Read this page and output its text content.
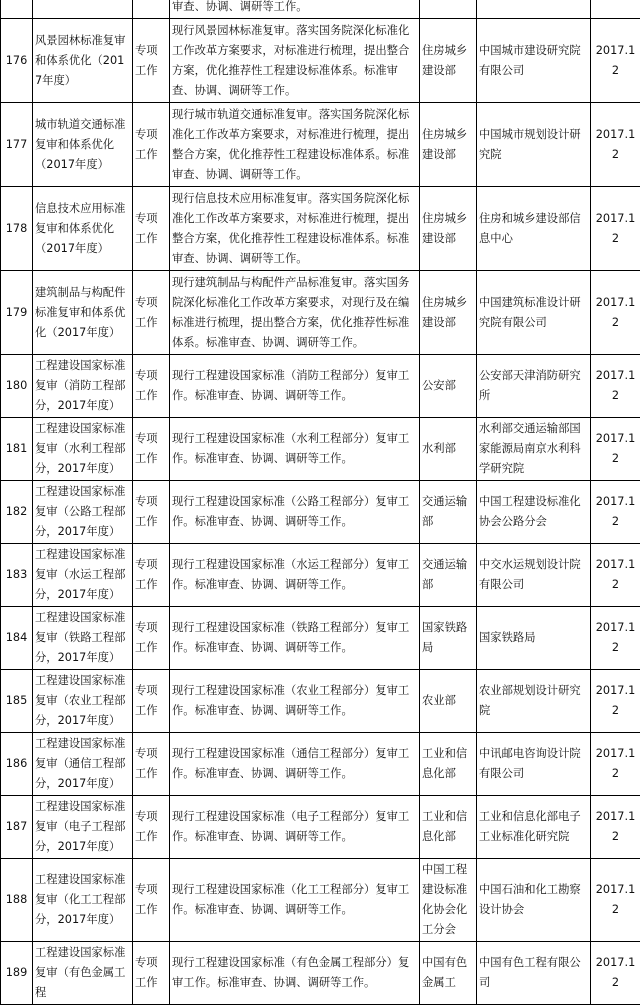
			审查、协调、调研等工作。			
176	风景园林标准复审和体系优化（2017年度）	专项工作	现行风景园林标准复审。落实国务院深化标准化工作改革方案要求，对标准进行梳理，提出整合方案，优化推荐性工程建设标准体系。标准审查、协调、调研等工作。	住房城乡建设部	中国城市建设研究院有限公司	2017.12
177	城市轨道交通标准复审和体系优化（2017年度）	专项工作	现行城市轨道交通标准复审。落实国务院深化标准化工作改革方案要求，对标准进行梳理，提出整合方案，优化推荐性工程建设标准体系。标准审查、协调、调研等工作。	住房城乡建设部	中国城市规划设计研究院	2017.12
178	信息技术应用标准复审和体系优化（2017年度）	专项工作	现行信息技术应用标准复审。落实国务院深化标准化工作改革方案要求，对标准进行梳理，提出整合方案，优化推荐性工程建设标准体系。标准审查、协调、调研等工作。	住房城乡建设部	住房和城乡建设部信息中心	2017.12
179	建筑制品与构配件标准复审和体系优化（2017年度）	专项工作	现行建筑制品与构配件产品标准复审。落实国务院深化标准化工作改革方案要求，对现行及在编标准进行梳理，提出整合方案，优化推荐性标准体系。标准审查、协调、调研等工作。	住房城乡建设部	中国建筑标准设计研究院有限公司	2017.12
180	工程建设国家标准复审（消防工程部分，2017年度）	专项工作	现行工程建设国家标准（消防工程部分）复审工作。标准审查、协调、调研等工作。	公安部	公安部天津消防研究所	2017.12
181	工程建设国家标准复审（水利工程部分，2017年度）	专项工作	现行工程建设国家标准（水利工程部分）复审工作。标准审查、协调、调研等工作。	水利部	水利部交通运输部国家能源局南京水利科学研究院	2017.12
182	工程建设国家标准复审（公路工程部分，2017年度）	专项工作	现行工程建设国家标准（公路工程部分）复审工作。标准审查、协调、调研等工作。	交通运输部	中国工程建设标准化协会公路分会	2017.12
183	工程建设国家标准复审（水运工程部分，2017年度）	专项工作	现行工程建设国家标准（水运工程部分）复审工作。标准审查、协调、调研等工作。	交通运输部	中交水运规划设计院有限公司	2017.12
184	工程建设国家标准复审（铁路工程部分，2017年度）	专项工作	现行工程建设国家标准（铁路工程部分）复审工作。标准审查、协调、调研等工作。	国家铁路局	国家铁路局	2017.12
185	工程建设国家标准复审（农业工程部分，2017年度）	专项工作	现行工程建设国家标准（农业工程部分）复审工作。标准审查、协调、调研等工作。	农业部	农业部规划设计研究院	2017.12
186	工程建设国家标准复审（通信工程部分，2017年度）	专项工作	现行工程建设国家标准（通信工程部分）复审工作。标准审查、协调、调研等工作。	工业和信息化部	中讯邮电咨询设计院有限公司	2017.12
187	工程建设国家标准复审（电子工程部分，2017年度）	专项工作	现行工程建设国家标准（电子工程部分）复审工作。标准审查、协调、调研等工作。	工业和信息化部	工业和信息化部电子工业标准化研究院	2017.12
188	工程建设国家标准复审（化工工程部分，2017年度）	专项工作	现行工程建设国家标准（化工工程部分）复审工作。标准审查、协调、调研等工作。	中国工程建设标准化协会化工分会	中国石油和化工勘察设计协会	2017.12
189	工程建设国家标准复审（有色金属工程	专项工作	现行工程建设国家标准（有色金属工程部分）复审工作。标准审查、协调、调研等工作。	中国有色金属工	中国有色工程有限公司	2017.12
